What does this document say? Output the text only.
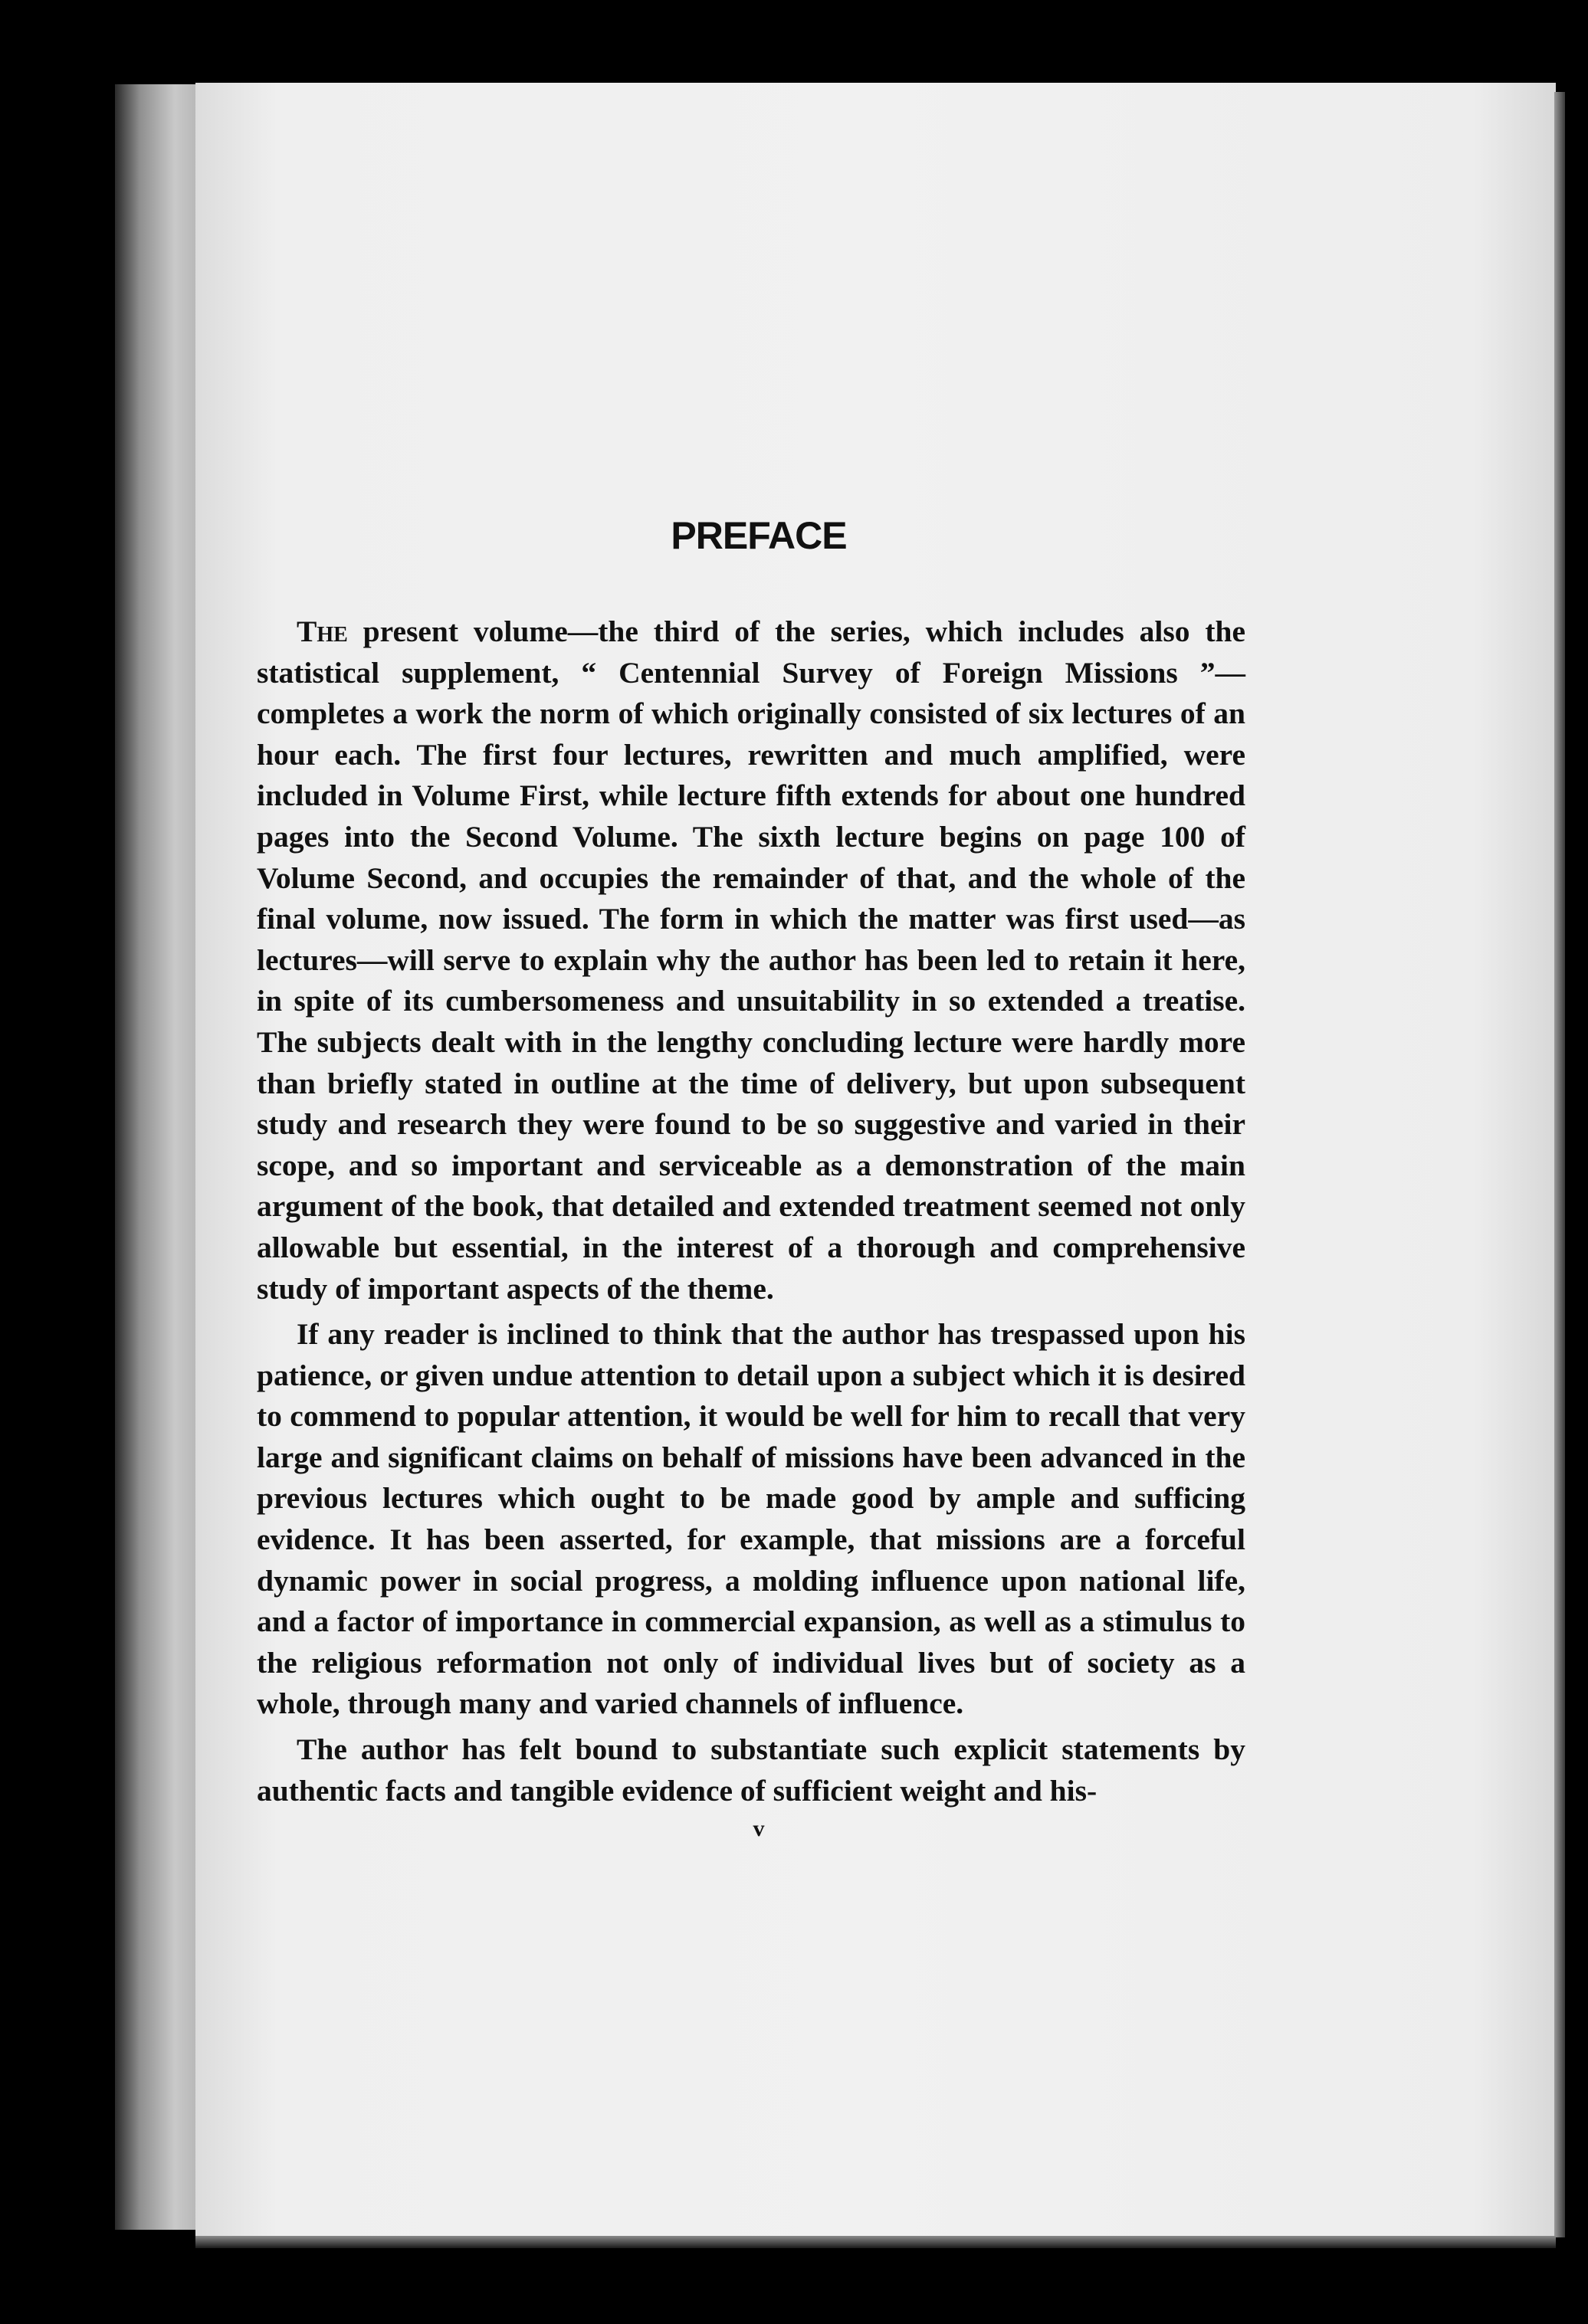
PREFACE

The present volume—the third of the series, which includes also the statistical supplement, “ Centennial Survey of Foreign Missions ”—completes a work the norm of which originally consisted of six lectures of an hour each. The first four lectures, rewritten and much amplified, were included in Volume First, while lecture fifth extends for about one hundred pages into the Second Volume. The sixth lecture begins on page 100 of Volume Second, and occupies the remainder of that, and the whole of the final volume, now issued. The form in which the matter was first used—as lectures—will serve to explain why the author has been led to retain it here, in spite of its cumbersomeness and unsuitability in so extended a treatise. The subjects dealt with in the lengthy concluding lecture were hardly more than briefly stated in outline at the time of delivery, but upon subsequent study and research they were found to be so suggestive and varied in their scope, and so important and serviceable as a demonstration of the main argument of the book, that detailed and extended treatment seemed not only allowable but essential, in the interest of a thorough and comprehensive study of important aspects of the theme.

If any reader is inclined to think that the author has trespassed upon his patience, or given undue attention to detail upon a subject which it is desired to commend to popular attention, it would be well for him to recall that very large and significant claims on behalf of missions have been advanced in the previous lectures which ought to be made good by ample and sufficing evidence. It has been asserted, for example, that missions are a forceful dynamic power in social progress, a molding influence upon national life, and a factor of importance in commercial expansion, as well as a stimulus to the religious reformation not only of individual lives but of society as a whole, through many and varied channels of influence.

The author has felt bound to substantiate such explicit statements by authentic facts and tangible evidence of sufficient weight and his-

v
